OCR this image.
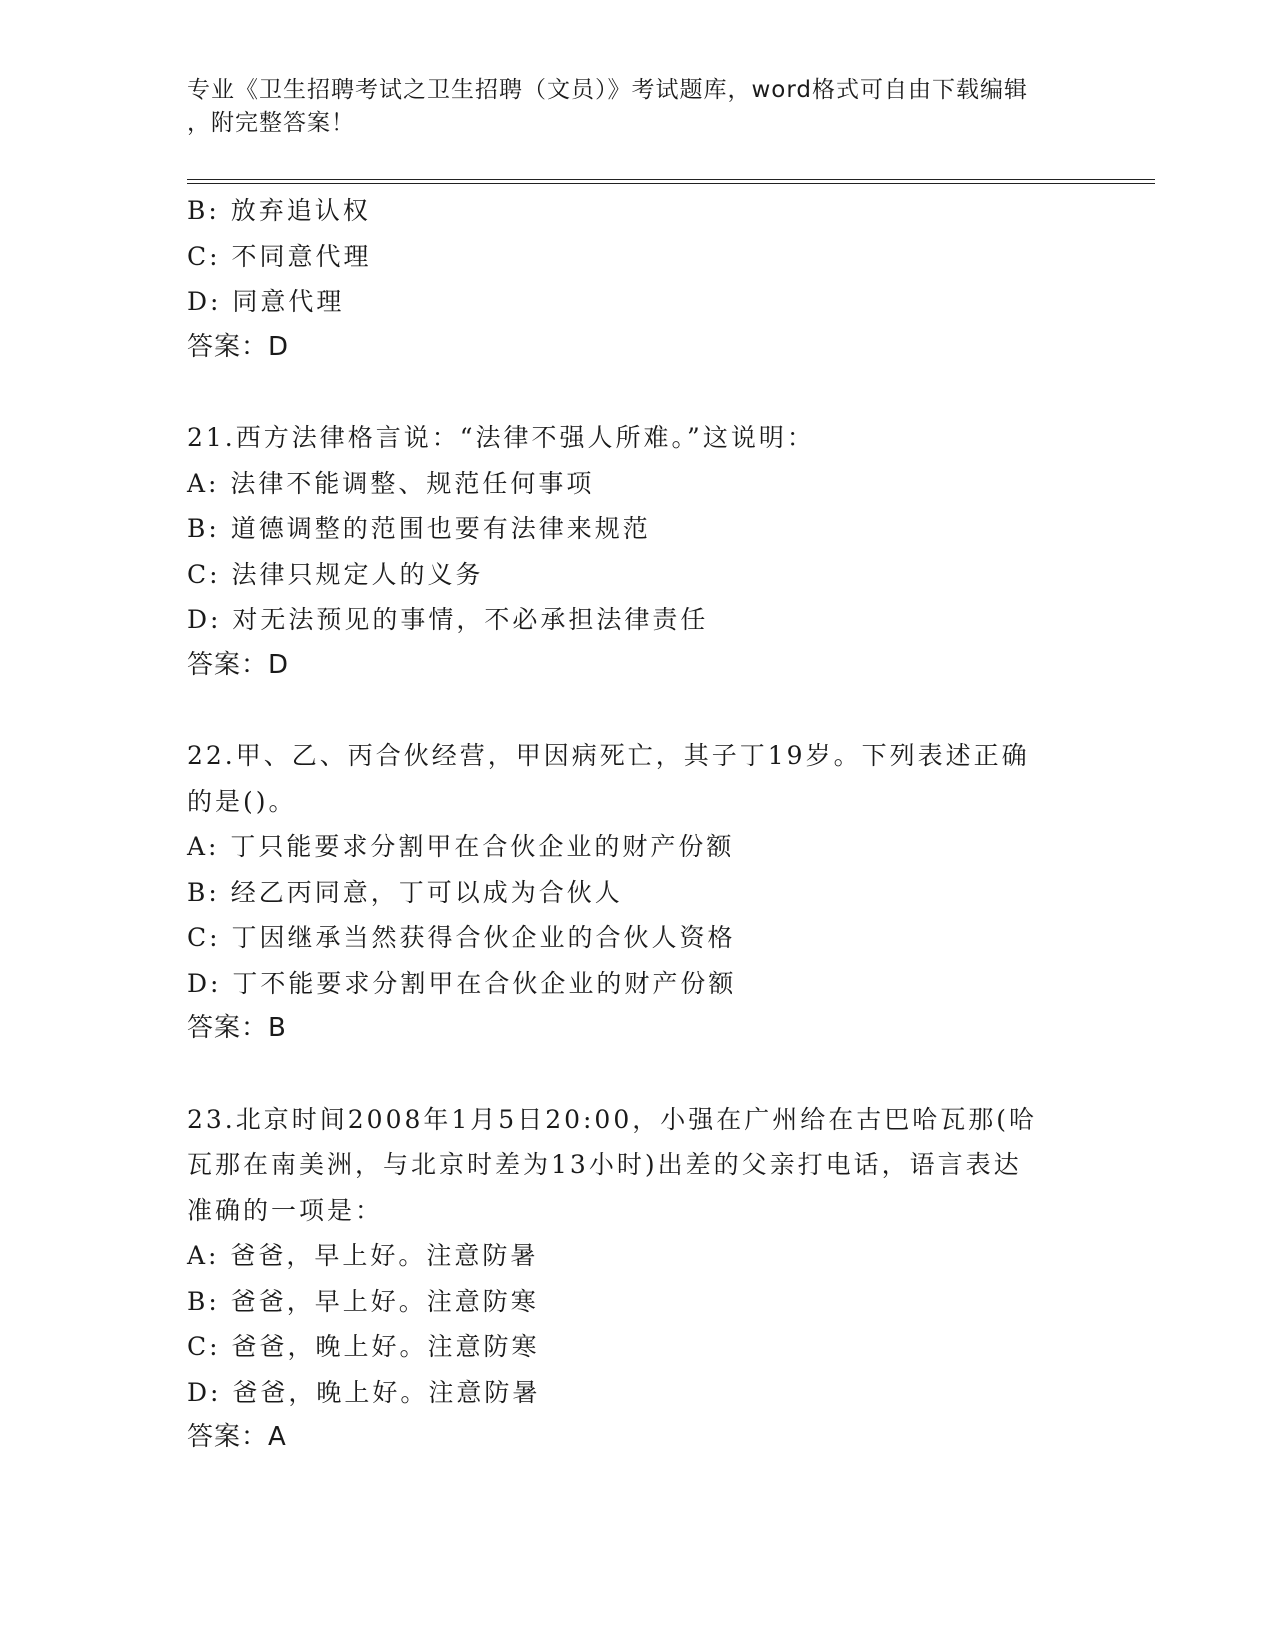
专业《卫生招聘考试之卫生招聘（文员）》考试题库，word格式可自由下载编辑
，附完整答案！
B: 放弃追认权
C: 不同意代理
D: 同意代理
答案：D
21.西方法律格言说：“法律不强人所难。”这说明：
A: 法律不能调整、规范任何事项
B: 道德调整的范围也要有法律来规范
C: 法律只规定人的义务
D: 对无法预见的事情，不必承担法律责任
答案：D
22.甲、乙、丙合伙经营，甲因病死亡，其子丁19岁。下列表述正确
的是()。
A: 丁只能要求分割甲在合伙企业的财产份额
B: 经乙丙同意，丁可以成为合伙人
C: 丁因继承当然获得合伙企业的合伙人资格
D: 丁不能要求分割甲在合伙企业的财产份额
答案：B
23.北京时间2008年1月5日20:00，小强在广州给在古巴哈瓦那(哈
瓦那在南美洲，与北京时差为13小时)出差的父亲打电话，语言表达
准确的一项是：
A: 爸爸，早上好。注意防暑
B: 爸爸，早上好。注意防寒
C: 爸爸，晚上好。注意防寒
D: 爸爸，晚上好。注意防暑
答案：A
